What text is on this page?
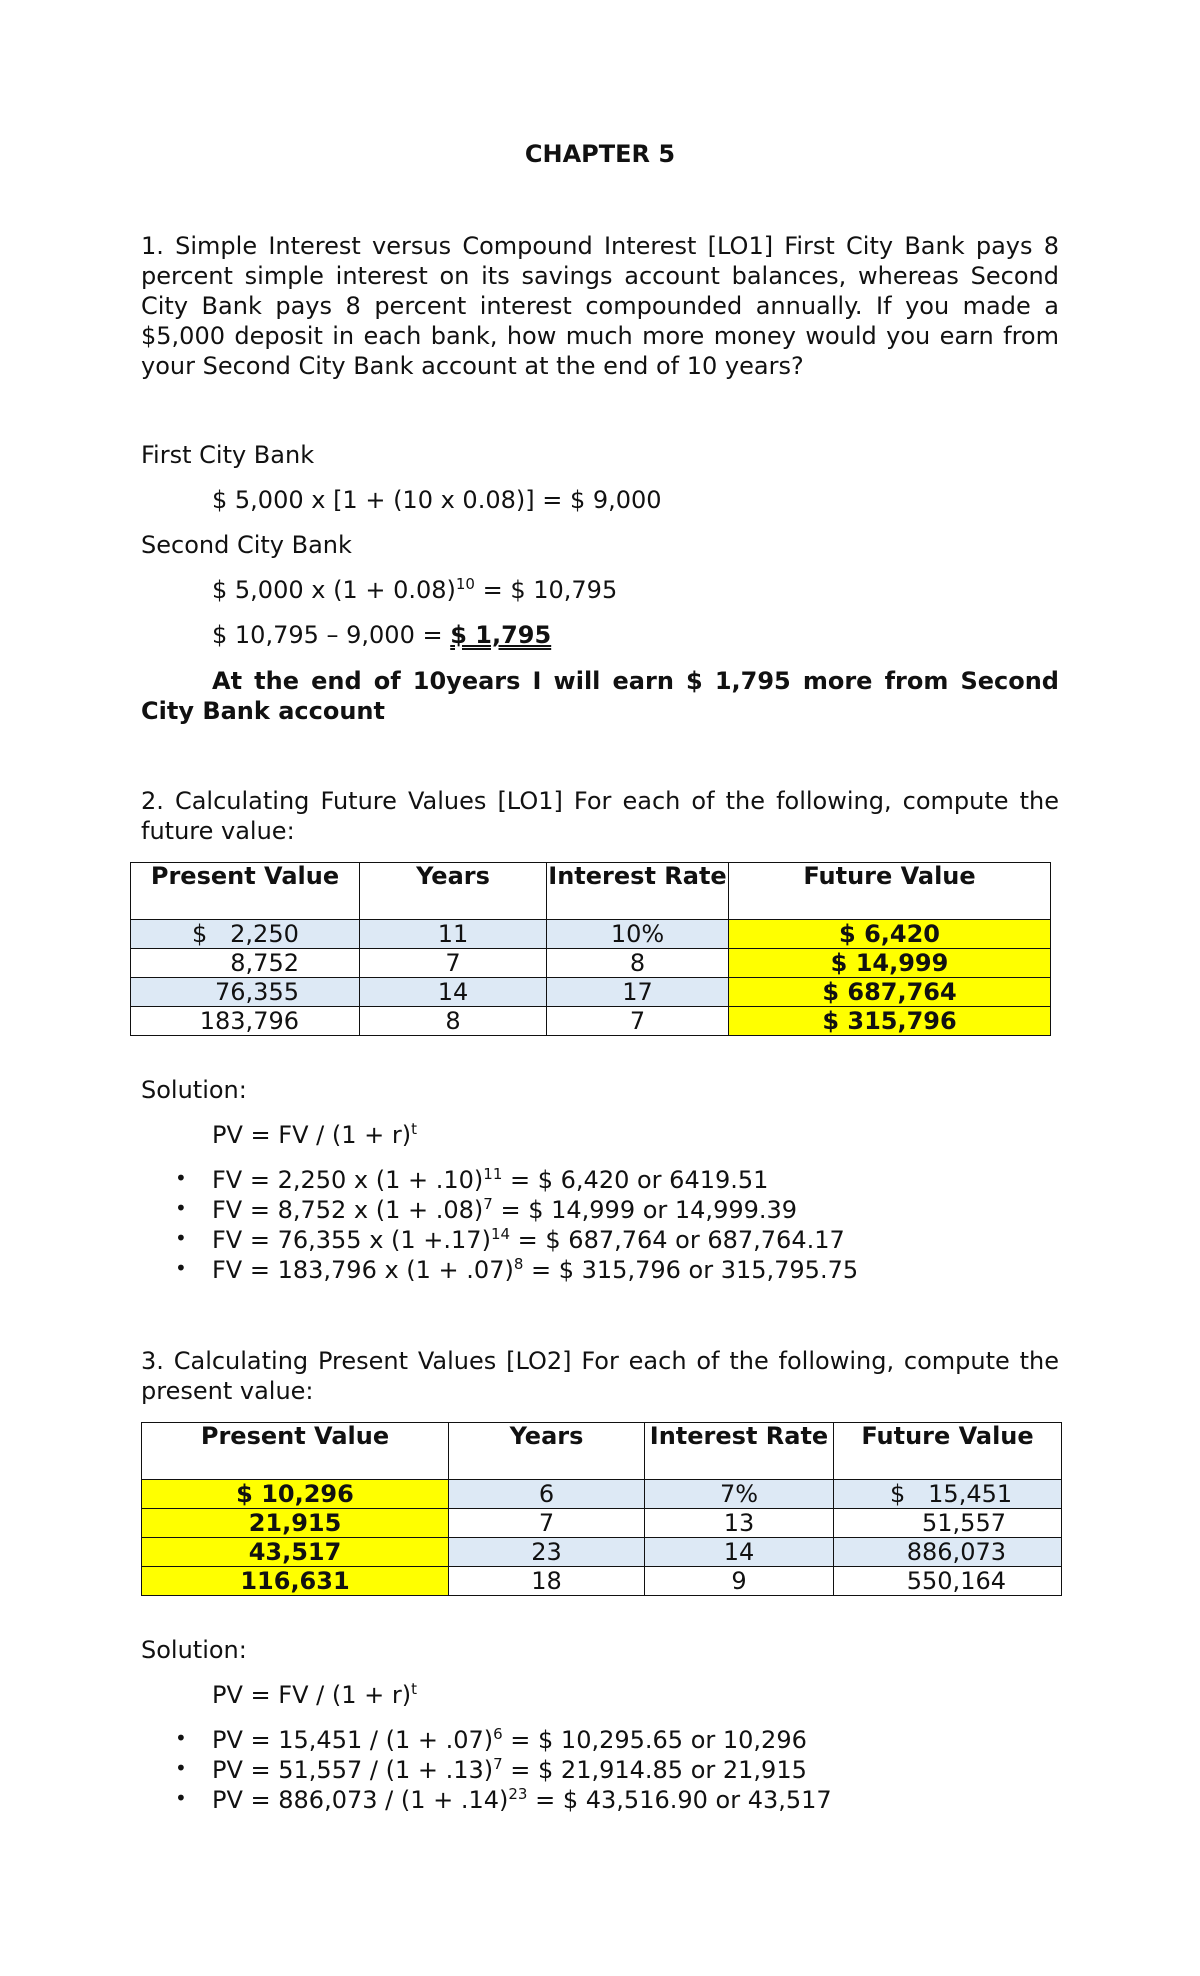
CHAPTER 5
1. Simple Interest versus Compound Interest [LO1] First City Bank pays 8 percent simple interest on its savings account balances, whereas Second City Bank pays 8 percent interest compounded annually. If you made a $5,000 deposit in each bank, how much more money would you earn from your Second City Bank account at the end of 10 years?
First City Bank
$ 5,000 x [1 + (10 x 0.08)] = $ 9,000
Second City Bank
$ 5,000 x $(1 + 0.08)^{10}$ = $ 10,795
$ 10,795 – 9,000 = $ 1,795
At the end of 10years I will earn $ 1,795 more from Second City Bank account
2. Calculating Future Values [LO1] For each of the following, compute the future value:
Present Value	Years	Interest Rate	Future Value
$   2,250	11	10%	$ 6,420
8,752	7	8	$ 14,999
76,355	14	17	$ 687,764
183,796	8	7	$ 315,796
Solution:
PV = FV / $(1 + r)^t$
• FV = 2,250 x $(1 + .10)^{11}$ = $ 6,420 or 6419.51
• FV = 8,752 x $(1 + .08)^7$ = $ 14,999 or 14,999.39
• FV = 76,355 x $(1 +.17)^{14}$ = $ 687,764 or 687,764.17
• FV = 183,796 x $(1 + .07)^8$ = $ 315,796 or 315,795.75
3. Calculating Present Values [LO2] For each of the following, compute the present value:
Present Value	Years	Interest Rate	Future Value
$ 10,296	6	7%	$   15,451
21,915	7	13	51,557
43,517	23	14	886,073
116,631	18	9	550,164
Solution:
PV = FV / $(1 + r)^t$
• PV = $15,451 / (1 + .07)^6$ = $ 10,295.65 or 10,296
• PV = $51,557 / (1 + .13)^7$ = $ 21,914.85 or 21,915
• PV = $886,073 / (1 + .14)^{23}$ = $ 43,516.90 or 43,517
